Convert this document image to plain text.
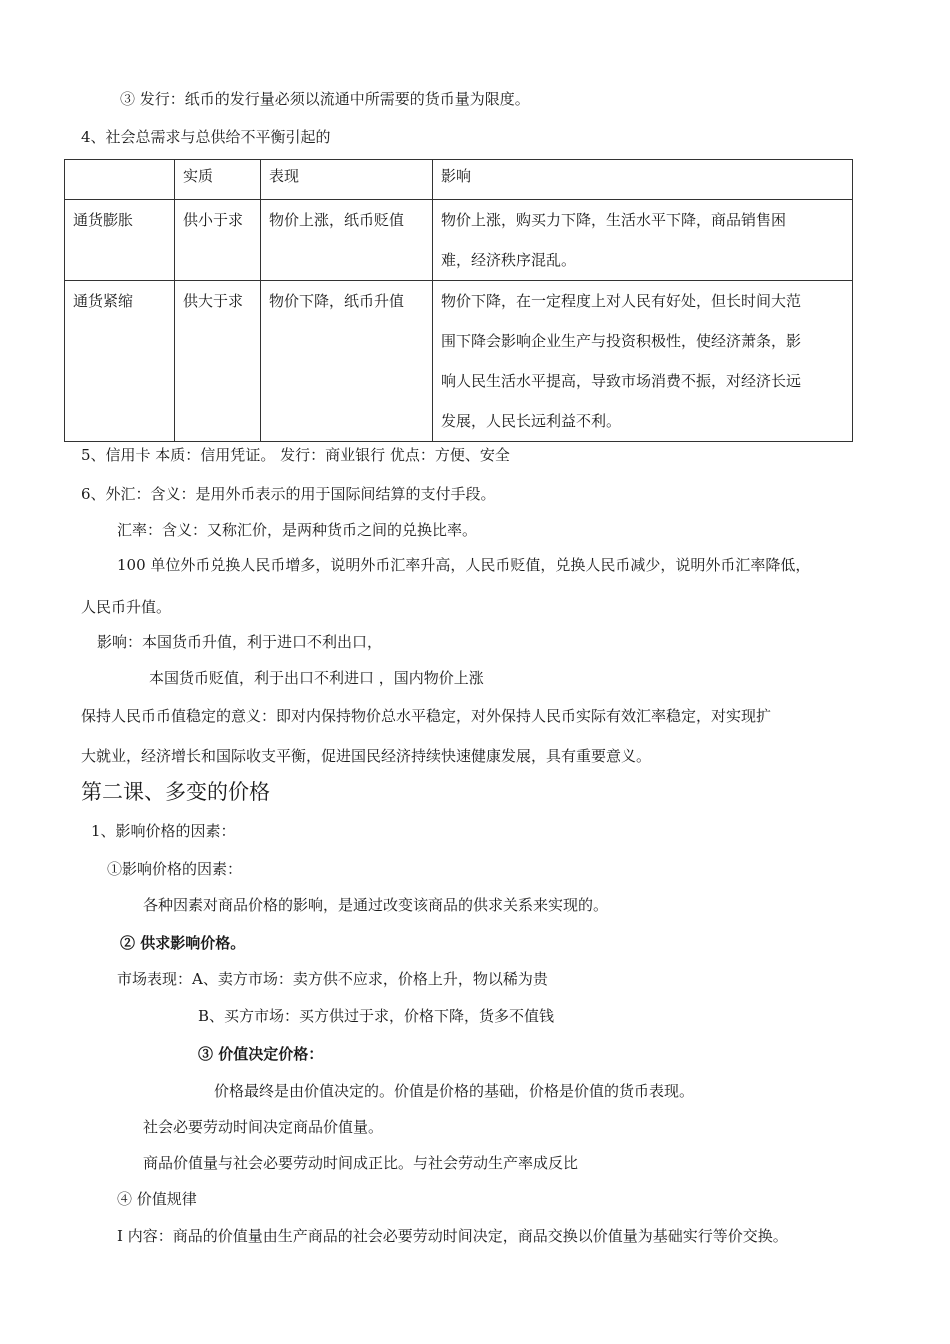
③ 发行：纸币的发行量必须以流通中所需要的货币量为限度。
4、社会总需求与总供给不平衡引起的
	实质	表现	影响
通货膨胀	供小于求	物价上涨，纸币贬值	物价上涨，购买力下降，生活水平下降，商品销售困
难，经济秩序混乱。

通货紧缩	供大于求	物价下降，纸币升值	物价下降，在一定程度上对人民有好处，但长时间大范
围下降会影响企业生产与投资积极性，使经济萧条，影
响人民生活水平提高，导致市场消费不振，对经济长远
发展，人民长远利益不利。
5、信用卡 本质：信用凭证。 发行：商业银行 优点：方便、安全
6、外汇：含义：是用外币表示的用于国际间结算的支付手段。
汇率：含义：又称汇价，是两种货币之间的兑换比率。
100 单位外币兑换人民币增多，说明外币汇率升高，人民币贬值，兑换人民币减少，说明外币汇率降低，
人民币升值。
影响：本国货币升值，利于进口不利出口，
本国货币贬值，利于出口不利进口 ，国内物价上涨
保持人民币币值稳定的意义：即对内保持物价总水平稳定，对外保持人民币实际有效汇率稳定，对实现扩
大就业，经济增长和国际收支平衡，促进国民经济持续快速健康发展，具有重要意义。
第二课、多变的价格
1、影响价格的因素：
①影响价格的因素：
各种因素对商品价格的影响，是通过改变该商品的供求关系来实现的。
② 供求影响价格。
市场表现：A、卖方市场：卖方供不应求，价格上升，物以稀为贵
B、买方市场：买方供过于求，价格下降，货多不值钱
③ 价值决定价格：
价格最终是由价值决定的。价值是价格的基础，价格是价值的货币表现。
社会必要劳动时间决定商品价值量。
商品价值量与社会必要劳动时间成正比。与社会劳动生产率成反比
④ 价值规律
Ⅰ 内容：商品的价值量由生产商品的社会必要劳动时间决定，商品交换以价值量为基础实行等价交换。
